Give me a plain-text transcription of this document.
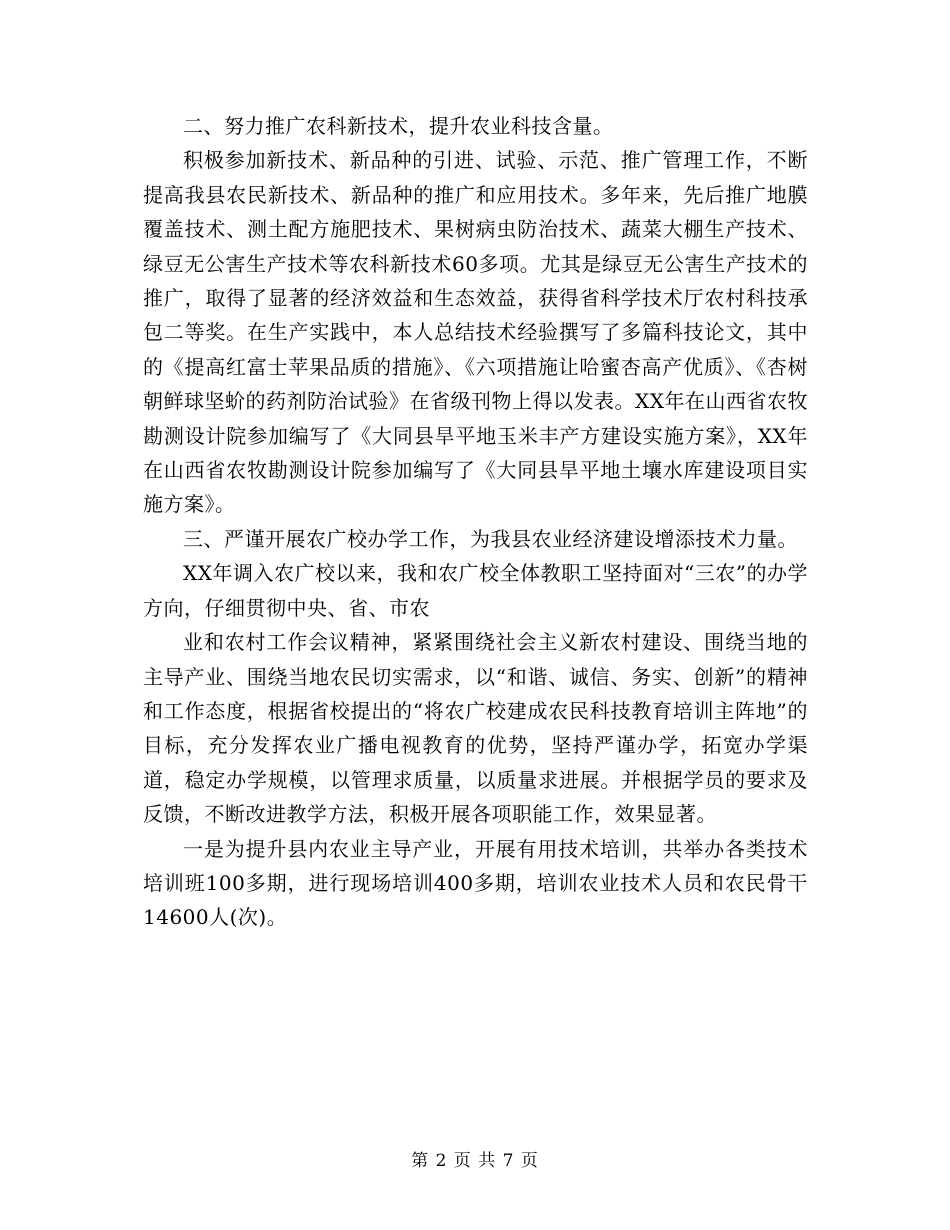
二、努力推广农科新技术，提升农业科技含量。

积极参加新技术、新品种的引进、试验、示范、推广管理工作，不断提高我县农民新技术、新品种的推广和应用技术。多年来，先后推广地膜覆盖技术、测土配方施肥技术、果树病虫防治技术、蔬菜大棚生产技术、绿豆无公害生产技术等农科新技术60多项。尤其是绿豆无公害生产技术的推广，取得了显著的经济效益和生态效益，获得省科学技术厅农村科技承包二等奖。在生产实践中，本人总结技术经验撰写了多篇科技论文，其中的《提高红富士苹果品质的措施》、《六项措施让哈蜜杏高产优质》、《杏树朝鲜球坚蚧的药剂防治试验》在省级刊物上得以发表。XX年在山西省农牧勘测设计院参加编写了《大同县旱平地玉米丰产方建设实施方案》，XX年在山西省农牧勘测设计院参加编写了《大同县旱平地土壤水库建设项目实施方案》。

三、严谨开展农广校办学工作，为我县农业经济建设增添技术力量。

XX年调入农广校以来，我和农广校全体教职工坚持面对“三农”的办学方向，仔细贯彻中央、省、市农

业和农村工作会议精神，紧紧围绕社会主义新农村建设、围绕当地的主导产业、围绕当地农民切实需求，以“和谐、诚信、务实、创新”的精神和工作态度，根据省校提出的“将农广校建成农民科技教育培训主阵地”的目标，充分发挥农业广播电视教育的优势，坚持严谨办学，拓宽办学渠道，稳定办学规模，以管理求质量，以质量求进展。并根据学员的要求及反馈，不断改进教学方法，积极开展各项职能工作，效果显著。

一是为提升县内农业主导产业，开展有用技术培训，共举办各类技术培训班100多期，进行现场培训400多期，培训农业技术人员和农民骨干14600人(次)。

第 2 页 共 7 页
